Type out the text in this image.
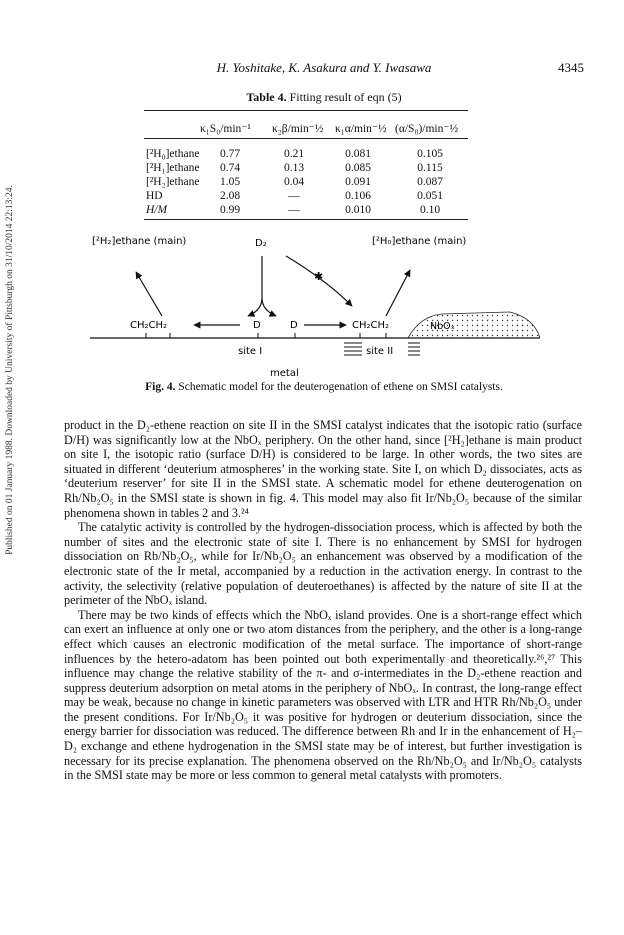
Published on 01 January 1988. Downloaded by University of Pittsburgh on 31/10/2014 22:13:24.
H. Yoshitake, K. Asakura and Y. Iwasawa	4345
Table 4. Fitting result of eqn (5)
κ₁S₀/min⁻¹ κ₂β/min⁻½ κ₁α/min⁻½ (α/S₀)/min⁻½
[²H₀]ethane	0.77	0.21	0.081	0.105
[²H₁]ethane	0.74	0.13	0.085	0.115
[²H₂]ethane	1.05	0.04	0.091	0.087
HD	2.08	—	0.106	0.051
H/M	0.99	—	0.010	0.10
[²H₂]ethane (main)	D₂	[²H₀]ethane (main)
✱
CH₂CH₂	D	D	CH₂CH₂	NbOₓ
site I	site II
metal
Fig. 4. Schematic model for the deuterogenation of ethene on SMSI catalysts.

product in the D₂-ethene reaction on site II in the SMSI catalyst indicates that the isotopic ratio (surface D/H) was significantly low at the NbOₓ periphery. On the other hand, since [²H₂]ethane is main product on site I, the isotopic ratio (surface D/H) is considered to be large. In other words, the two sites are situated in different ‘deuterium atmospheres’ in the working state. Site I, on which D₂ dissociates, acts as ‘deuterium reserver’ for site II in the SMSI state. A schematic model for ethene deuterogenation on Rh/Nb₂O₅ in the SMSI state is shown in fig. 4. This model may also fit Ir/Nb₂O₅ because of the similar phenomena shown in tables 2 and 3.²⁴

The catalytic activity is controlled by the hydrogen-dissociation process, which is affected by both the number of sites and the electronic state of site I. There is no enhancement by SMSI for hydrogen dissociation on Rb/Nb₂O₅, while for Ir/Nb₂O₅ an enhancement was observed by a modification of the electronic state of the Ir metal, accompanied by a reduction in the activation energy. In contrast to the activity, the selectivity (relative population of deuteroethanes) is affected by the nature of site II at the perimeter of the NbOₓ island.

There may be two kinds of effects which the NbOₓ island provides. One is a short-range effect which can exert an influence at only one or two atom distances from the periphery, and the other is a long-range effect which causes an electronic modification of the metal surface. The importance of short-range influences by the hetero-adatom has been pointed out both experimentally and theoretically.²⁶,²⁷ This influence may change the relative stability of the π- and σ-intermediates in the D₂-ethene reaction and suppress deuterium adsorption on metal atoms in the periphery of NbOₓ. In contrast, the long-range effect may be weak, because no change in kinetic parameters was observed with LTR and HTR Rh/Nb₂O₅ under the present conditions. For Ir/Nb₂O₅ it was positive for hydrogen or deuterium dissociation, since the energy barrier for dissociation was reduced. The difference between Rh and Ir in the enhancement of H₂–D₂ exchange and ethene hydrogenation in the SMSI state may be of interest, but further investigation is necessary for its precise explanation. The phenomena observed on the Rh/Nb₂O₅ and Ir/Nb₂O₅ catalysts in the SMSI state may be more or less common to general metal catalysts with promoters.
